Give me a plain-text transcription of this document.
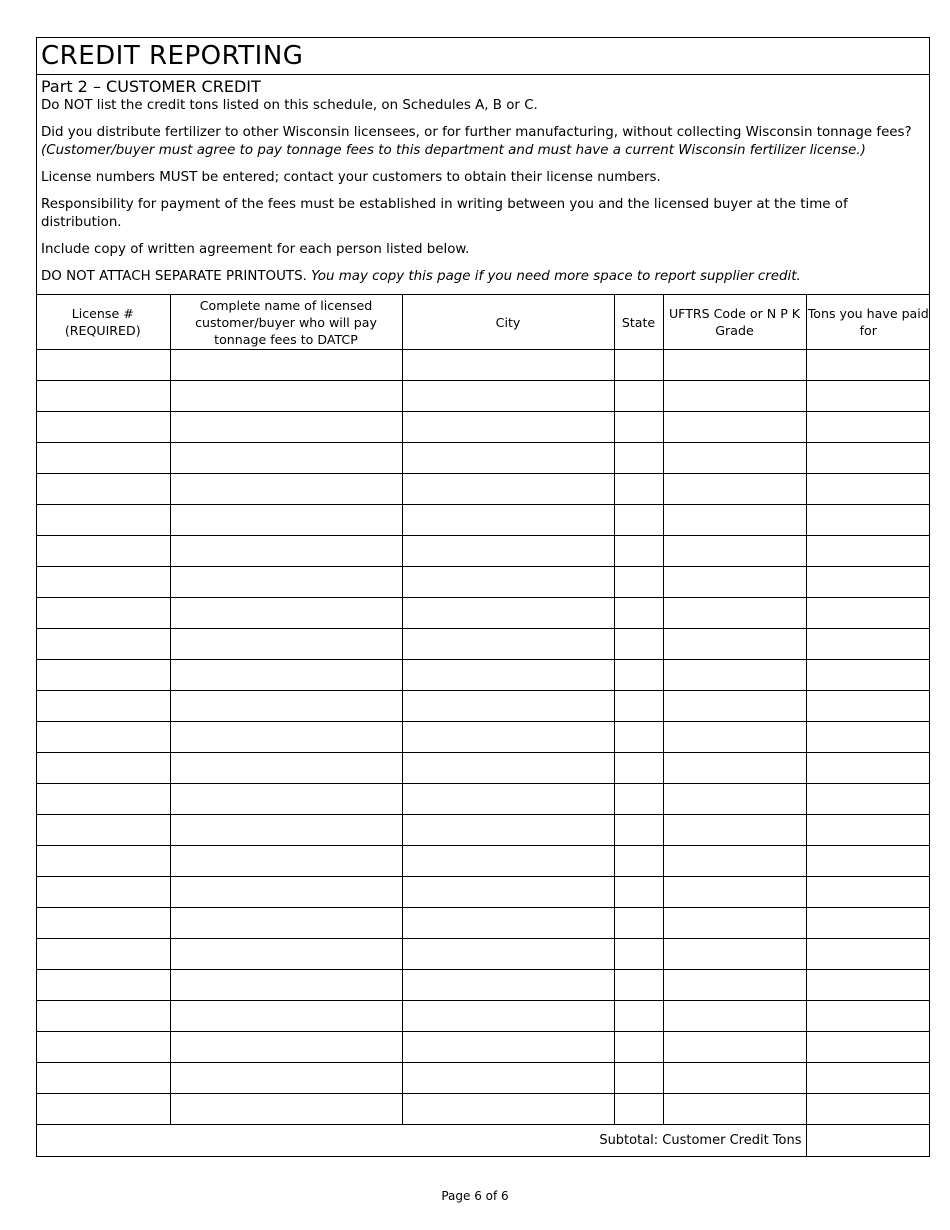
CREDIT REPORTING

Part 2 – CUSTOMER CREDIT

Do NOT list the credit tons listed on this schedule, on Schedules A, B or C.

Did you distribute fertilizer to other Wisconsin licensees, or for further manufacturing, without collecting Wisconsin tonnage fees? (Customer/buyer must agree to pay tonnage fees to this department and must have a current Wisconsin fertilizer license.)

License numbers MUST be entered; contact your customers to obtain their license numbers.

Responsibility for payment of the fees must be established in writing between you and the licensed buyer at the time of distribution.

Include copy of written agreement for each person listed below.

DO NOT ATTACH SEPARATE PRINTOUTS. You may copy this page if you need more space to report supplier credit.

License # (REQUIRED)	Complete name of licensed customer/buyer who will pay tonnage fees to DATCP	City	State	UFTRS Code or N P K Grade	Tons you have paid for

Subtotal: Customer Credit Tons					
Page 6 of 6
